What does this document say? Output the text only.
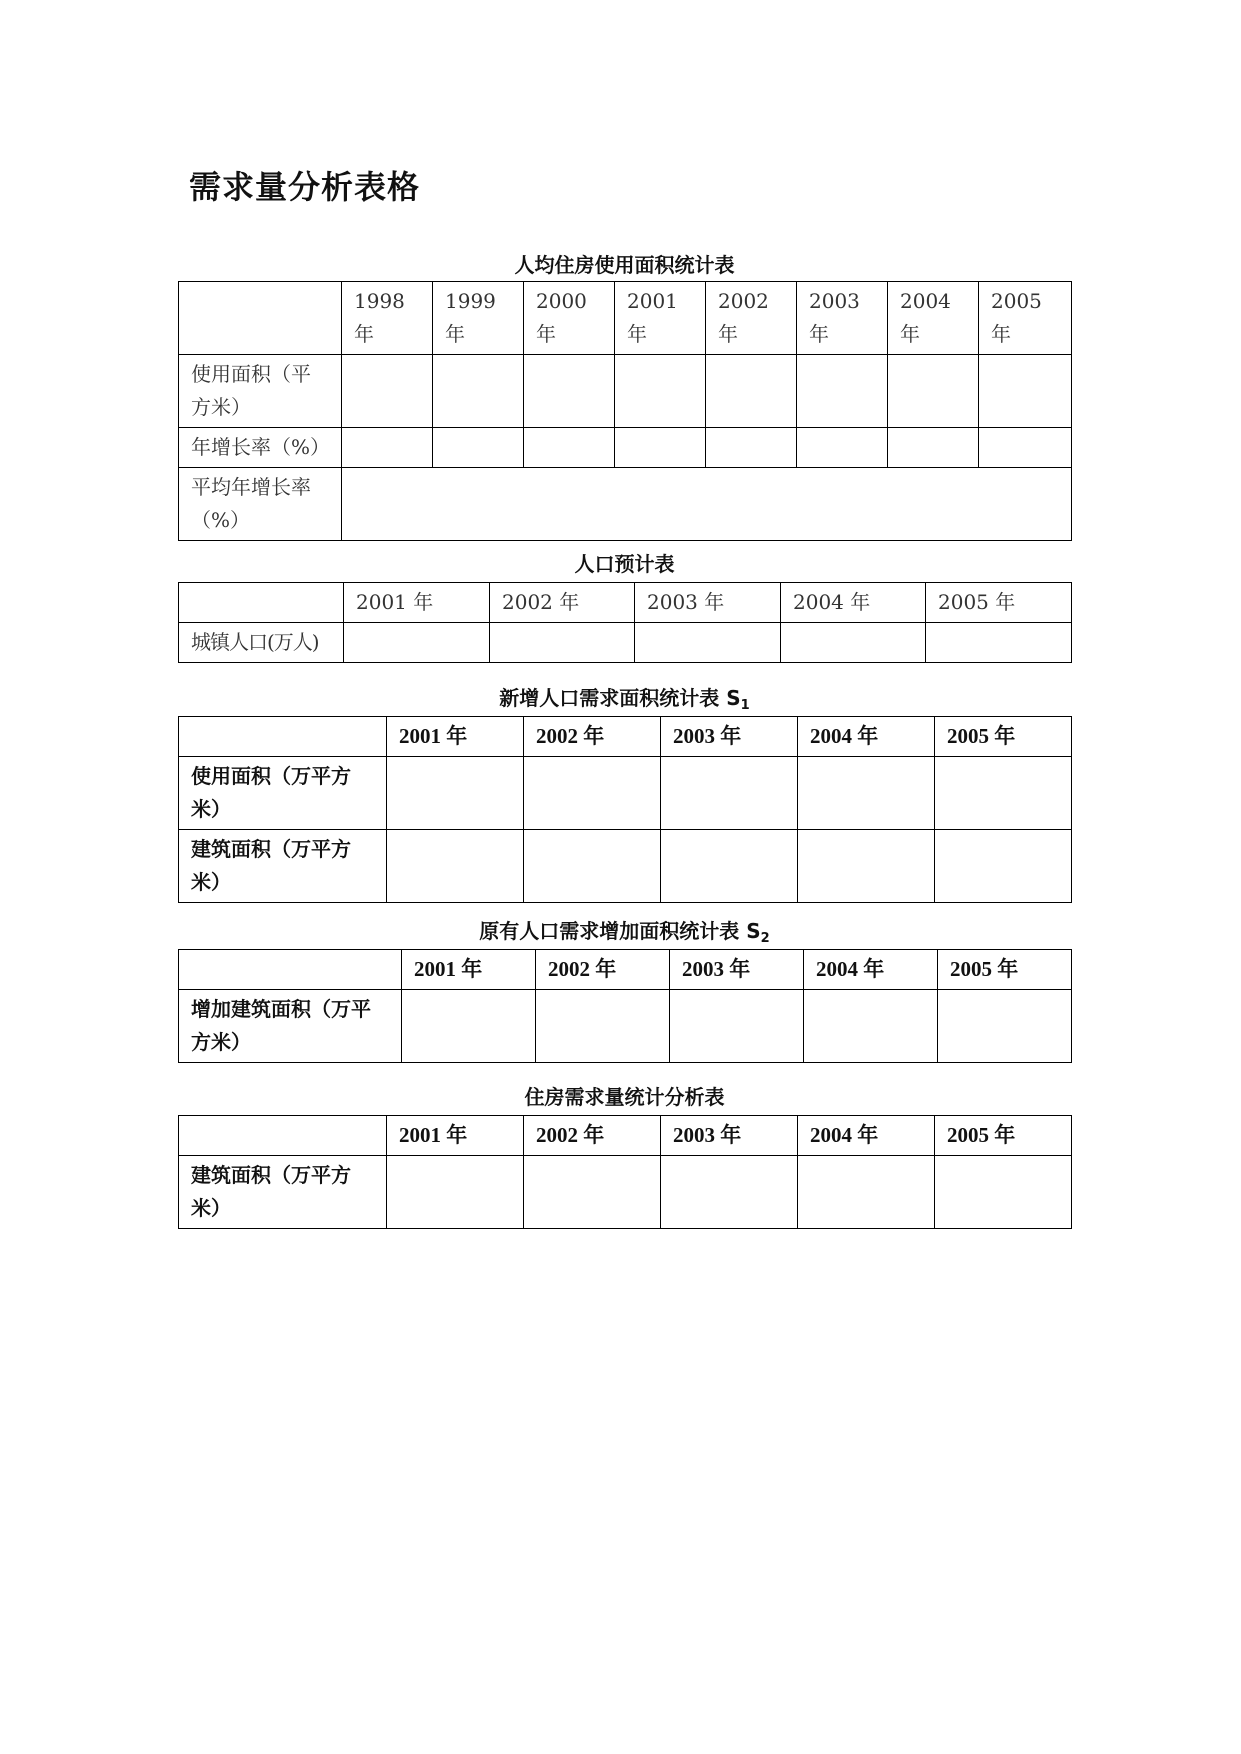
需求量分析表格

人均住房使用面积统计表

	1998年	1999年	2000年	2001年	2002年	2003年	2004年	2005年
使用面积（平方米）								
年增长率（%）								
平均年增长率（%）								

人口预计表

	2001 年	2002 年	2003 年	2004 年	2005 年
城镇人口(万人)					

新增人口需求面积统计表 $S_1$

	2001 年	2002 年	2003 年	2004 年	2005 年
使用面积（万平方米）					
建筑面积（万平方米）					

原有人口需求增加面积统计表 $S_2$

	2001 年	2002 年	2003 年	2004 年	2005 年
增加建筑面积（万平方米）					

住房需求量统计分析表

	2001 年	2002 年	2003 年	2004 年	2005 年
建筑面积（万平方米）					
